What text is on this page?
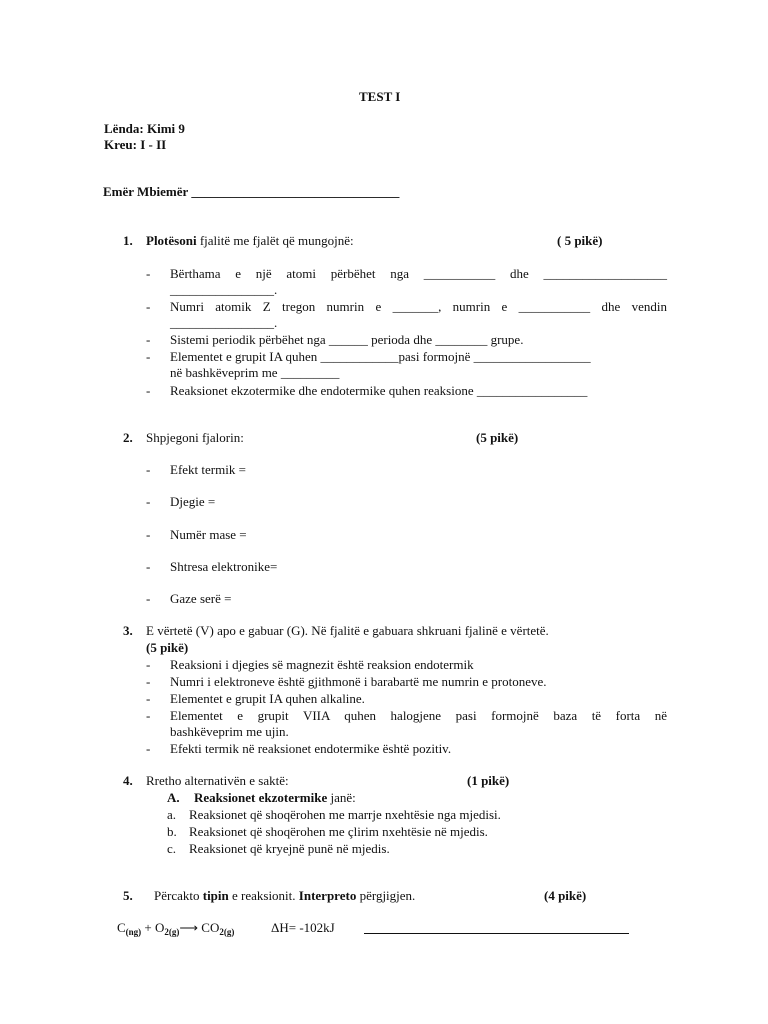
TEST I
Lënda: Kimi 9
Kreu: I - II
Emër Mbiemër ________________________________
1. Plotësoni fjalitë me fjalët që mungojnë:	( 5 pikë)
- Bërthama e një atomi përbëhet nga ___________ dhe ___________________
________________.
- Numri atomik Z tregon numrin e _______, numrin e ___________ dhe vendin
________________.
- Sistemi periodik përbëhet nga ______ perioda dhe ________ grupe.
- Elementet e grupit IA quhen ____________pasi formojnë __________________
në bashkëveprim me _________
- Reaksionet ekzotermike dhe endotermike quhen reaksione _________________
2. Shpjegoni fjalorin:	(5 pikë)
- Efekt termik =
- Djegie =
- Numër mase =
- Shtresa elektronike=
- Gaze serë =
3. E vërtetë (V) apo e gabuar (G). Në fjalitë e gabuara shkruani fjalinë e vërtetë.
(5 pikë)
- Reaksioni i djegies së magnezit është reaksion endotermik
- Numri i elektroneve është gjithmonë i barabartë me numrin e protoneve.
- Elementet e grupit IA quhen alkaline.
- Elementet e grupit VIIA quhen halogjene pasi formojnë baza të forta në
bashkëveprim me ujin.
- Efekti termik në reaksionet endotermike është pozitiv.
4. Rretho alternativën e saktë:	(1 pikë)
A. Reaksionet ekzotermike janë:
a. Reaksionet që shoqërohen me marrje nxehtësie nga mjedisi.
b. Reaksionet që shoqërohen me çlirim nxehtësie në mjedis.
c. Reaksionet që kryejnë punë në mjedis.
5. Përcakto tipin e reaksionit. Interpreto përgjigjen.	(4 pikë)
$C_{(ng)}$ + $O_{2(g)}⟶$ $CO_{2(g)}$	ΔH= -102kJ
